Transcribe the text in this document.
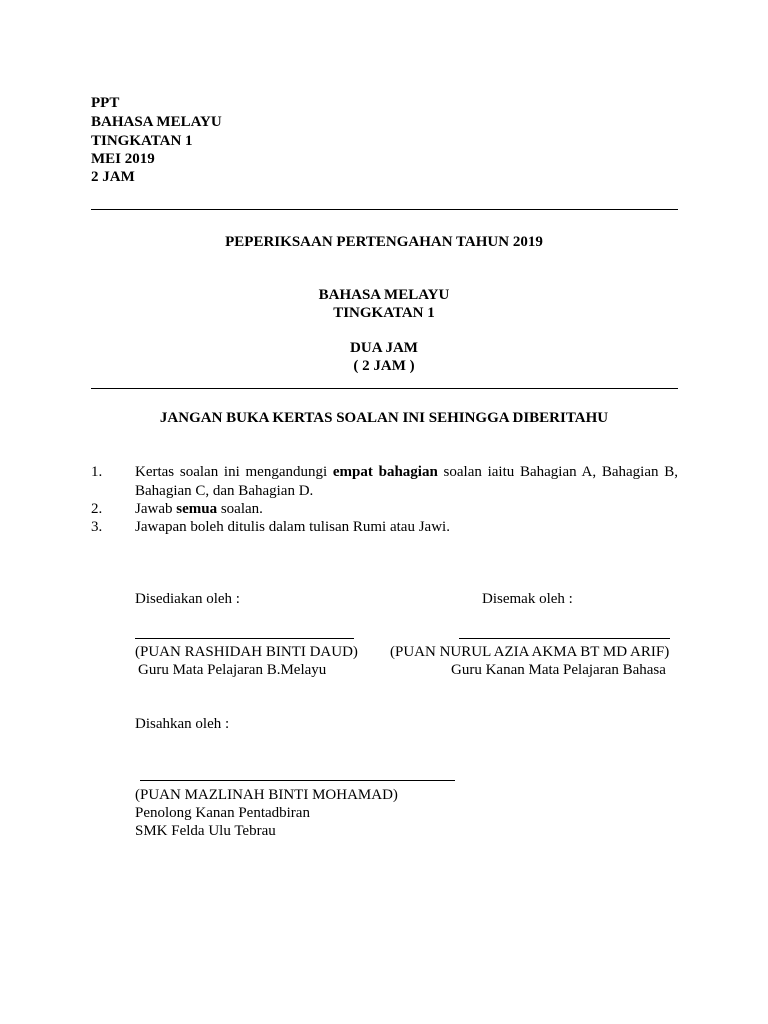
PPT
BAHASA MELAYU
TINGKATAN 1
MEI 2019
2 JAM
PEPERIKSAAN PERTENGAHAN TAHUN 2019
BAHASA MELAYU
TINGKATAN 1
DUA JAM
( 2 JAM )
JANGAN BUKA KERTAS SOALAN INI SEHINGGA DIBERITAHU
1. Kertas soalan ini mengandungi empat bahagian soalan iaitu Bahagian A, Bahagian B, Bahagian C, dan Bahagian D.
2. Jawab semua soalan.
3. Jawapan boleh ditulis dalam tulisan Rumi atau Jawi.
Disediakan oleh :
(PUAN RASHIDAH BINTI DAUD)
Guru Mata Pelajaran B.Melayu
Disemak oleh :
(PUAN NURUL AZIA AKMA BT MD ARIF)
Guru Kanan Mata Pelajaran Bahasa
Disahkan oleh :
(PUAN MAZLINAH BINTI MOHAMAD)
Penolong Kanan Pentadbiran
SMK Felda Ulu Tebrau
